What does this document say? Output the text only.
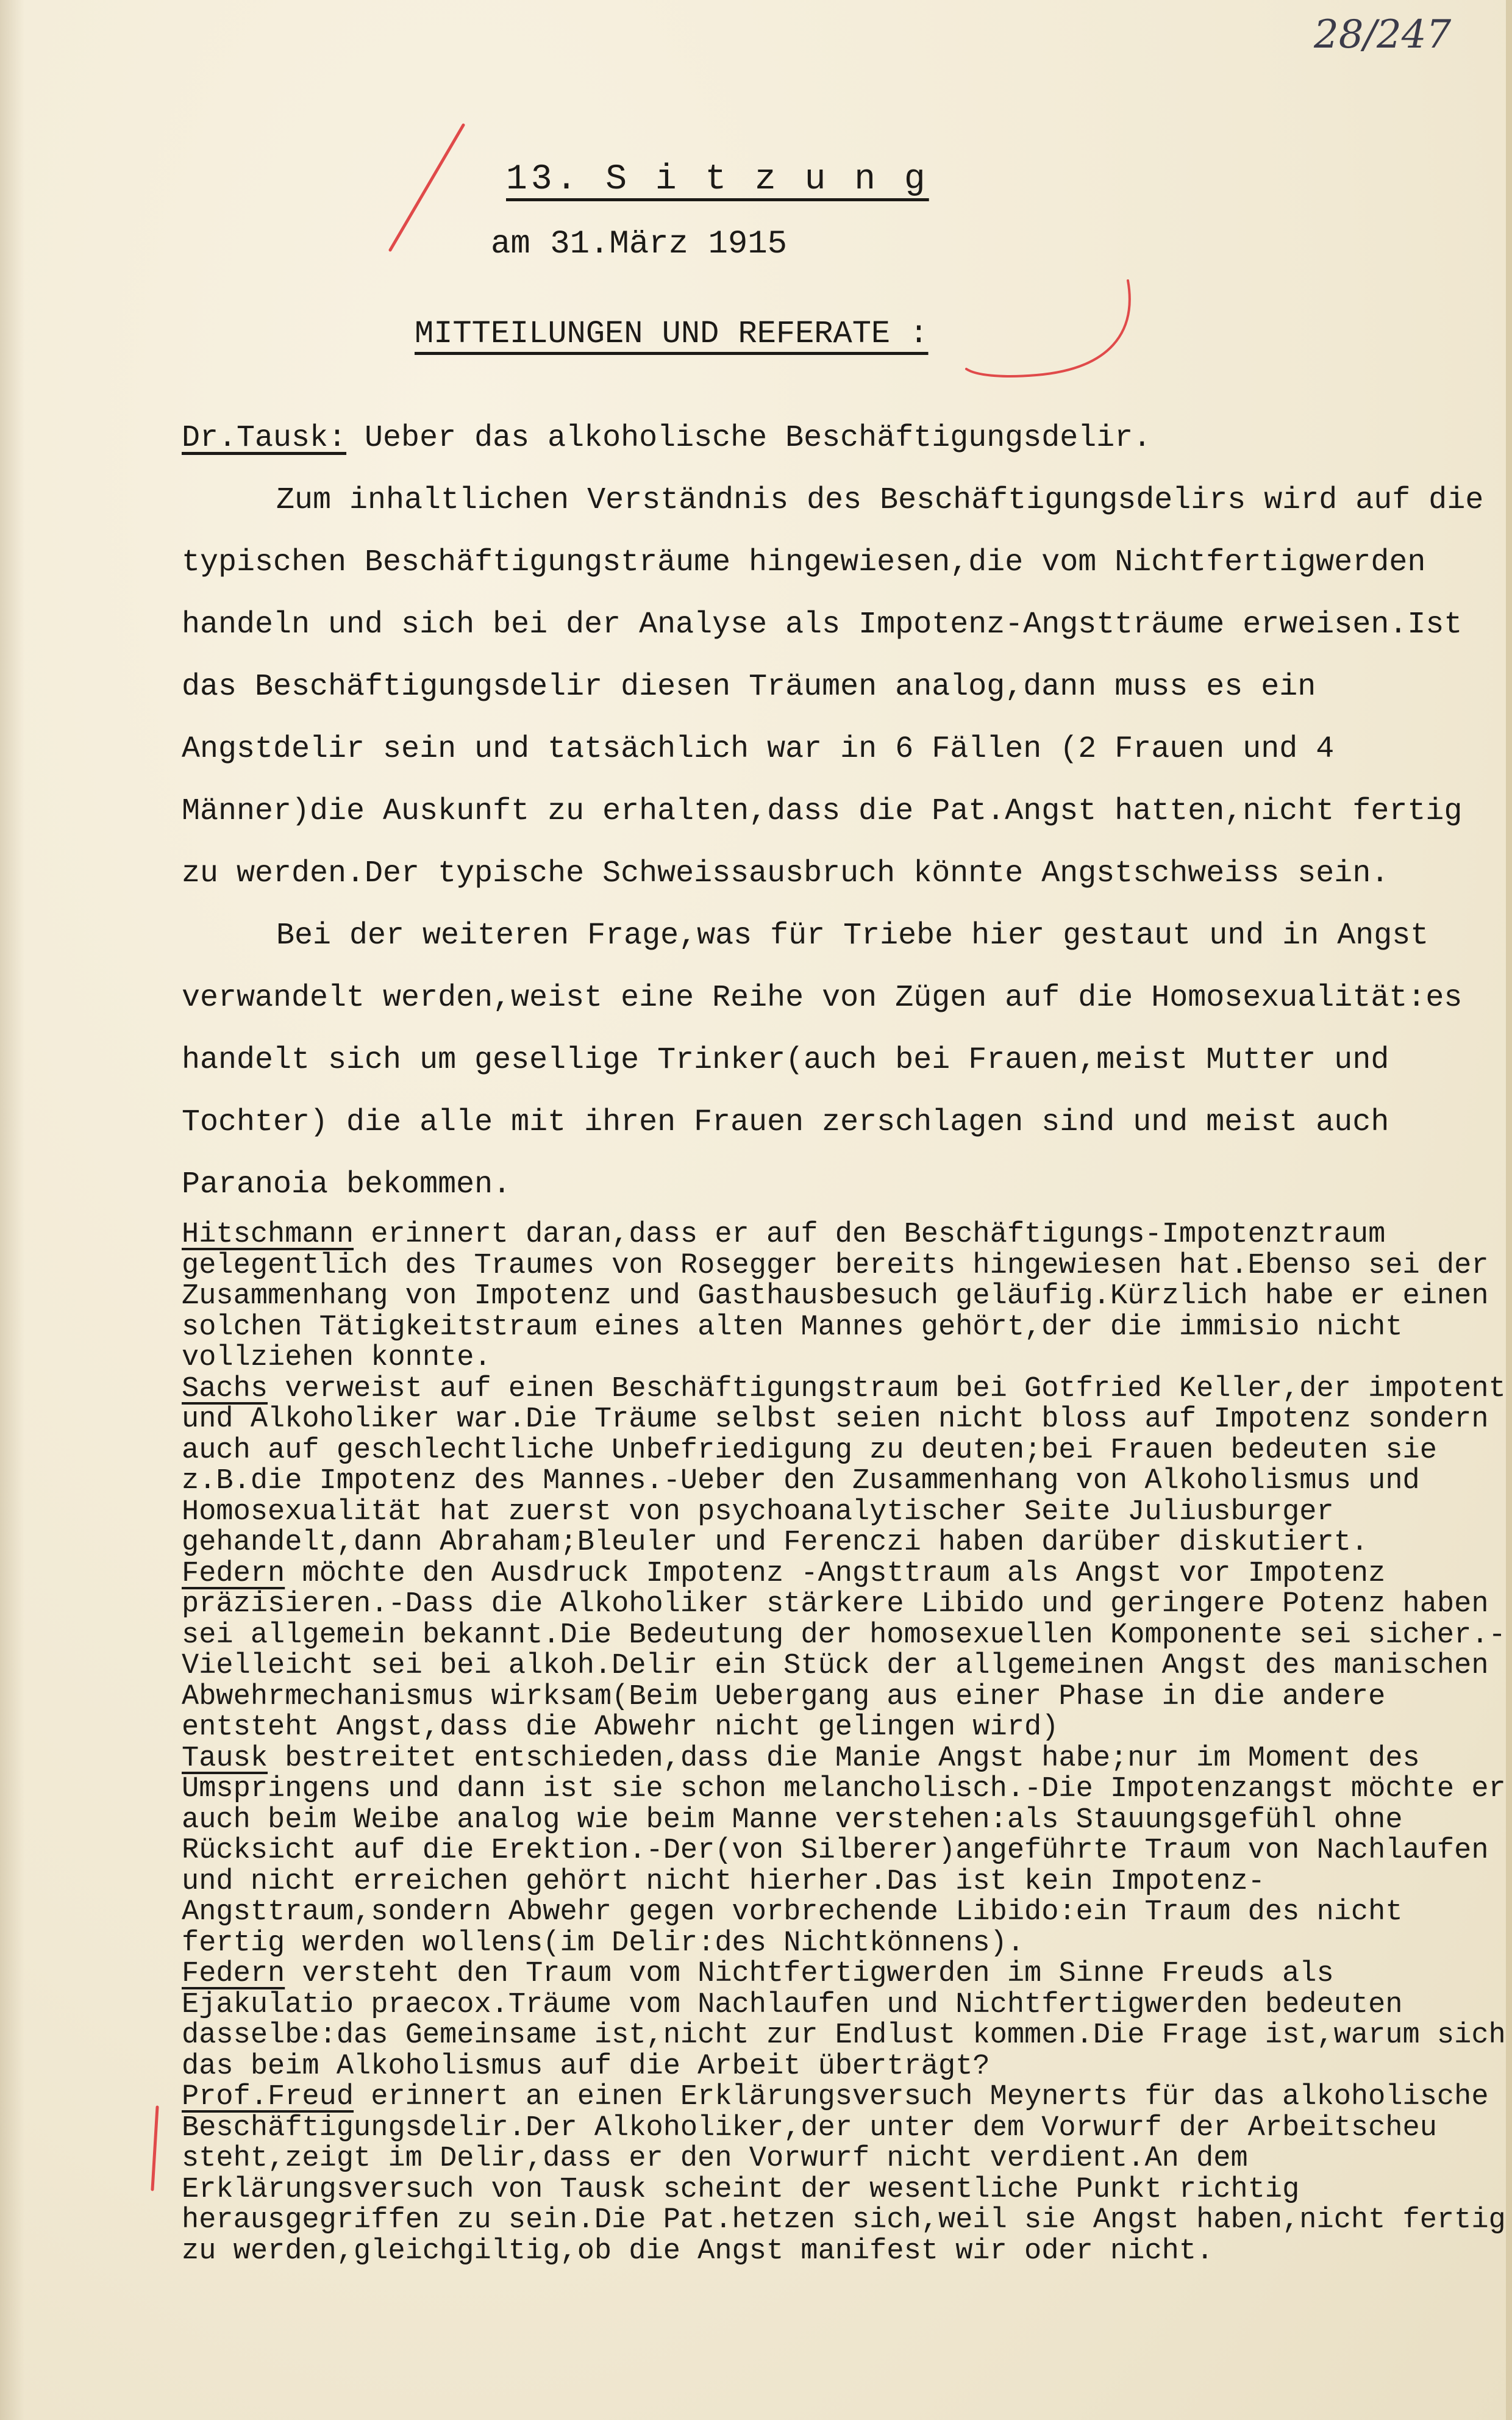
28/247
13. S i t z u n g
am 31.März 1915
MITTEILUNGEN UND REFERATE :

Dr.Tausk: Ueber das alkoholische Beschäftigungsdelir.

Zum inhaltlichen Verständnis des Beschäftigungsdelirs wird auf die typischen Beschäftigungsträume hingewiesen,die vom Nichtfertigwerden handeln und sich bei der Analyse als Impotenz-Angstträume erweisen.Ist das Beschäftigungsdelir diesen Träumen analog,dann muss es ein Angstdelir sein und tatsächlich war in 6 Fällen (2 Frauen und 4 Männer)die Auskunft zu erhalten,dass die Pat.Angst hatten,nicht fertig zu werden.Der typische Schweissausbruch könnte Angstschweiss sein.

Bei der weiteren Frage,was für Triebe hier gestaut und in Angst verwandelt werden,weist eine Reihe von Zügen auf die Homosexualität:es handelt sich um gesellige Trinker(auch bei Frauen,meist Mutter und Tochter) die alle mit ihren Frauen zerschlagen sind und meist auch Paranoia bekommen.

Hitschmann erinnert daran,dass er auf den Beschäftigungs-Impotenztraum gelegentlich des Traumes von Rosegger bereits hingewiesen hat.Ebenso sei der Zusammenhang von Impotenz und Gasthausbesuch geläufig.Kürzlich habe er einen solchen Tätigkeitstraum eines alten Mannes gehört,der die immisio nicht vollziehen konnte.

Sachs verweist auf einen Beschäftigungstraum bei Gotfried Keller,der impotent und Alkoholiker war.Die Träume selbst seien nicht bloss auf Impotenz sondern auch auf geschlechtliche Unbefriedigung zu deuten;bei Frauen bedeuten sie z.B.die Impotenz des Mannes.-Ueber den Zusammenhang von Alkoholismus und Homosexualität hat zuerst von psychoanalytischer Seite Juliusburger gehandelt,dann Abraham;Bleuler und Ferenczi haben darüber diskutiert.

Federn möchte den Ausdruck Impotenz -Angsttraum als Angst vor Impotenz präzisieren.-Dass die Alkoholiker stärkere Libido und geringere Potenz haben sei allgemein bekannt.Die Bedeutung der homosexuellen Komponente sei sicher.-Vielleicht sei bei alkoh.Delir ein Stück der allgemeinen Angst des manischen Abwehrmechanismus wirksam(Beim Uebergang aus einer Phase in die andere entsteht Angst,dass die Abwehr nicht gelingen wird)

Tausk bestreitet entschieden,dass die Manie Angst habe;nur im Moment des Umspringens und dann ist sie schon melancholisch.-Die Impotenzangst möchte er auch beim Weibe analog wie beim Manne verstehen:als Stauungsgefühl ohne Rücksicht auf die Erektion.-Der(von Silberer)angeführte Traum von Nachlaufen und nicht erreichen gehört nicht hierher.Das ist kein Impotenz-Angsttraum,sondern Abwehr gegen vorbrechende Libido:ein Traum des nicht fertig werden wollens(im Delir:des Nichtkönnens).

Federn versteht den Traum vom Nichtfertigwerden im Sinne Freuds als Ejakulatio praecox.Träume vom Nachlaufen und Nichtfertigwerden bedeuten dasselbe:das Gemeinsame ist,nicht zur Endlust kommen.Die Frage ist,warum sich das beim Alkoholismus auf die Arbeit überträgt?

Prof.Freud erinnert an einen Erklärungsversuch Meynerts für das alkoholische Beschäftigungsdelir.Der Alkoholiker,der unter dem Vorwurf der Arbeitscheu steht,zeigt im Delir,dass er den Vorwurf nicht verdient.An dem Erklärungsversuch von Tausk scheint der wesentliche Punkt richtig herausgegriffen zu sein.Die Pat.hetzen sich,weil sie Angst haben,nicht fertig zu werden,gleichgiltig,ob die Angst manifest wir oder nicht.
